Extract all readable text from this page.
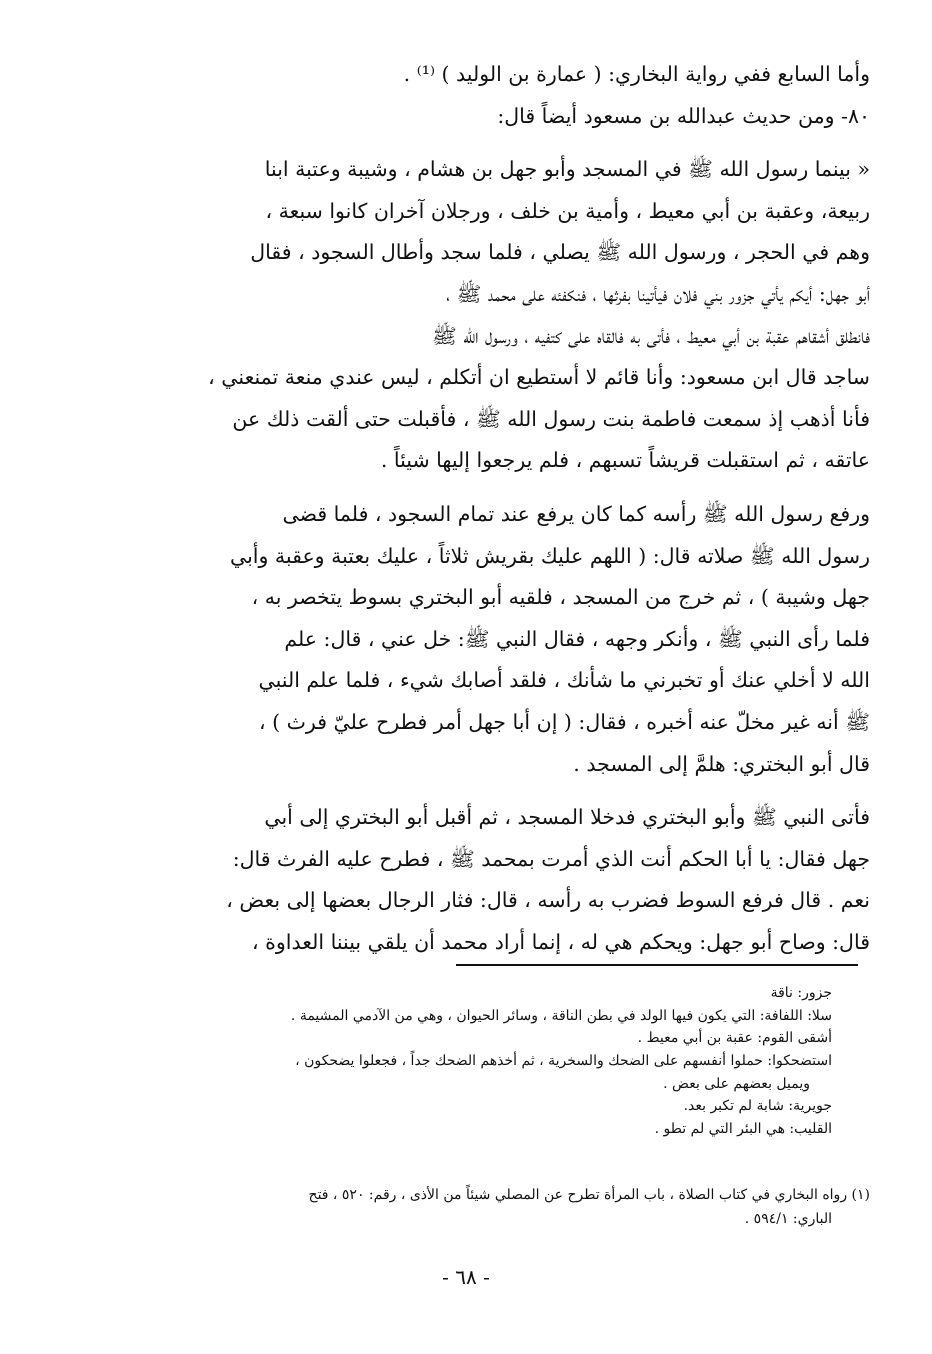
وأما السابع ففي رواية البخاري: ( عمارة بن الوليد ) ⁽¹⁾ .
٨٠- ومن حديث عبدالله بن مسعود أيضاً قال:
« بينما رسول الله ﷺ في المسجد وأبو جهل بن هشام ، وشيبة وعتبة ابنا
ربيعة، وعقبة بن أبي معيط ، وأمية بن خلف ، ورجلان آخران كانوا سبعة ،
وهم في الحجر ، ورسول الله ﷺ يصلي ، فلما سجد وأطال السجود ، فقال
أبو جهل: أيكم يأتي جزور بني فلان فيأتينا بفرثها ، فنكفئه على محمد ﷺ ،
فانطلق أشقاهم عقبة بن أبي معيط ، فأتى به فالقاه على كتفيه ، ورسول الله ﷺ
ساجد قال ابن مسعود: وأنا قائم لا أستطيع ان أتكلم ، ليس عندي منعة تمنعني ،
فأنا أذهب إذ سمعت فاطمة بنت رسول الله ﷺ ، فأقبلت حتى ألقت ذلك عن
عاتقه ، ثم استقبلت قريشاً تسبهم ، فلم يرجعوا إليها شيئاً .
ورفع رسول الله ﷺ رأسه كما كان يرفع عند تمام السجود ، فلما قضى
رسول الله ﷺ صلاته قال: ( اللهم عليك بقريش ثلاثاً ، عليك بعتبة وعقبة وأبي
جهل وشيبة ) ، ثم خرج من المسجد ، فلقيه أبو البختري بسوط يتخصر به ،
فلما رأى النبي ﷺ ، وأنكر وجهه ، فقال النبي ﷺ: خل عني ، قال: علم
الله لا أخلي عنك أو تخبرني ما شأنك ، فلقد أصابك شيء ، فلما علم النبي
ﷺ أنه غير مخلّ عنه أخبره ، فقال: ( إن أبا جهل أمر فطرح عليّ فرث ) ،
قال أبو البختري: هلمَّ إلى المسجد .
فأتى النبي ﷺ وأبو البختري فدخلا المسجد ، ثم أقبل أبو البختري إلى أبي
جهل فقال: يا أبا الحكم أنت الذي أمرت بمحمد ﷺ ، فطرح عليه الفرث قال:
نعم . قال فرفع السوط فضرب به رأسه ، قال: فثار الرجال بعضها إلى بعض ،
قال: وصاح أبو جهل: ويحكم هي له ، إنما أراد محمد أن يلقي بيننا العداوة ،
جزور: ناقة
سلا: اللفافة: التي يكون فيها الولد في بطن الناقة ، وسائر الحيوان ، وهي من الآدمي المشيمة .
أشقى القوم: عقبة بن أبي معيط .
استضحكوا: حملوا أنفسهم على الضحك والسخرية ، ثم أخذهم الضحك جداً ، فجعلوا يضحكون ،
ويميل بعضهم على بعض .
جويرية: شابة لم تكبر بعد.
القليب: هي البئر التي لم تطو .
(١) رواه البخاري في كتاب الصلاة ، باب المرأة تطرح عن المصلي شيئاً من الأذى ، رقم: ٥٢٠ ، فتح
الباري: ٥٩٤/١ .
- ٦٨ -
